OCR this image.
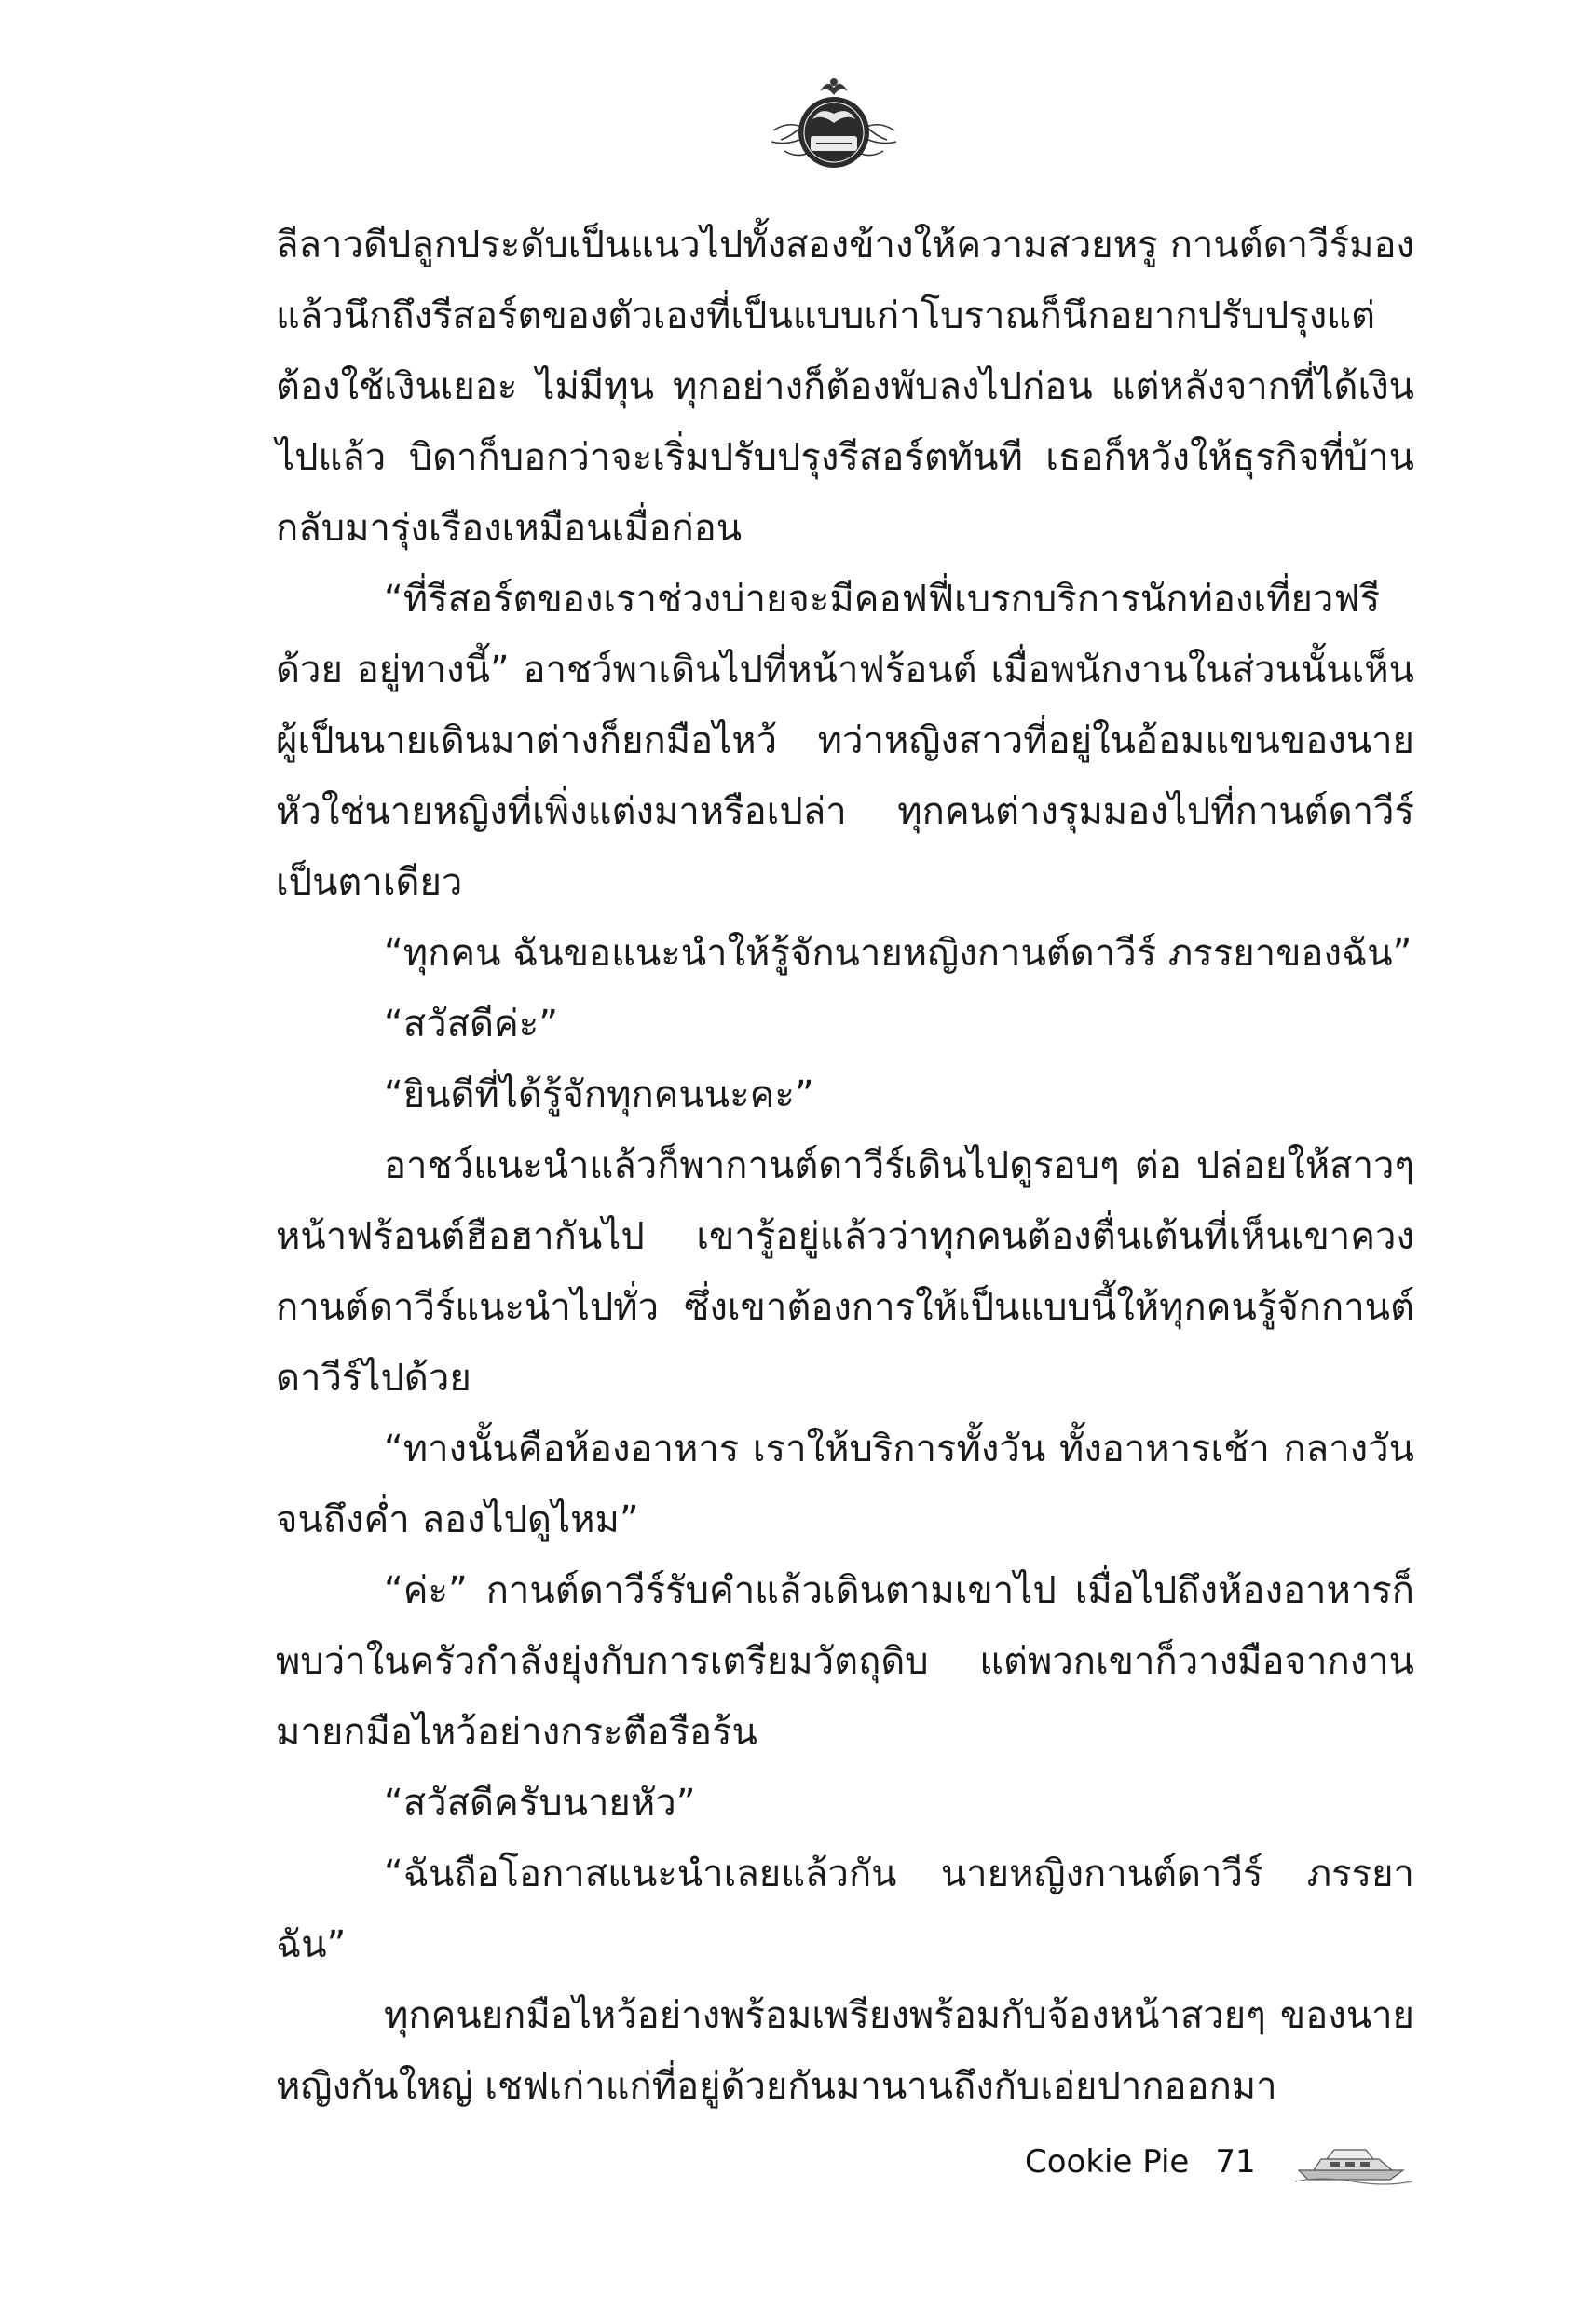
ลีลาวดีปลูกประดับเป็นแนวไปทั้งสองข้างให้ความสวยหรู กานต์ดาวีร์มองแล้วนึกถึงรีสอร์ตของตัวเองที่เป็นแบบเก่าโบราณก็นึกอยากปรับปรุงแต่ต้องใช้เงินเยอะ ไม่มีทุน ทุกอย่างก็ต้องพับลงไปก่อน แต่หลังจากที่ได้เงินไปแล้ว บิดาก็บอกว่าจะเริ่มปรับปรุงรีสอร์ตทันที เธอก็หวังให้ธุรกิจที่บ้านกลับมารุ่งเรืองเหมือนเมื่อก่อน

“ที่รีสอร์ตของเราช่วงบ่ายจะมีคอฟฟี่เบรกบริการนักท่องเที่ยวฟรีด้วย อยู่ทางนี้” อาชว์พาเดินไปที่หน้าฟร้อนต์ เมื่อพนักงานในส่วนนั้นเห็นผู้เป็นนายเดินมาต่างก็ยกมือไหว้ ทว่าหญิงสาวที่อยู่ในอ้อมแขนของนายหัวใช่นายหญิงที่เพิ่งแต่งมาหรือเปล่า ทุกคนต่างรุมมองไปที่กานต์ดาวีร์เป็นตาเดียว

“ทุกคน ฉันขอแนะนำให้รู้จักนายหญิงกานต์ดาวีร์ ภรรยาของฉัน”

“สวัสดีค่ะ”

“ยินดีที่ได้รู้จักทุกคนนะคะ”

อาชว์แนะนำแล้วก็พากานต์ดาวีร์เดินไปดูรอบๆ ต่อ ปล่อยให้สาวๆ หน้าฟร้อนต์ฮือฮากันไป เขารู้อยู่แล้วว่าทุกคนต้องตื่นเต้นที่เห็นเขาควงกานต์ดาวีร์แนะนำไปทั่ว ซึ่งเขาต้องการให้เป็นแบบนี้ให้ทุกคนรู้จักกานต์ดาวีร์ไปด้วย

“ทางนั้นคือห้องอาหาร เราให้บริการทั้งวัน ทั้งอาหารเช้า กลางวันจนถึงค่ำ ลองไปดูไหม”

“ค่ะ” กานต์ดาวีร์รับคำแล้วเดินตามเขาไป เมื่อไปถึงห้องอาหารก็พบว่าในครัวกำลังยุ่งกับการเตรียมวัตถุดิบ แต่พวกเขาก็วางมือจากงานมายกมือไหว้อย่างกระตือรือร้น

“สวัสดีครับนายหัว”

“ฉันถือโอกาสแนะนำเลยแล้วกัน นายหญิงกานต์ดาวีร์ ภรรยาฉัน”

ทุกคนยกมือไหว้อย่างพร้อมเพรียงพร้อมกับจ้องหน้าสวยๆ ของนายหญิงกันใหญ่ เชฟเก่าแก่ที่อยู่ด้วยกันมานานถึงกับเอ่ยปากออกมา

Cookie Pie 71
